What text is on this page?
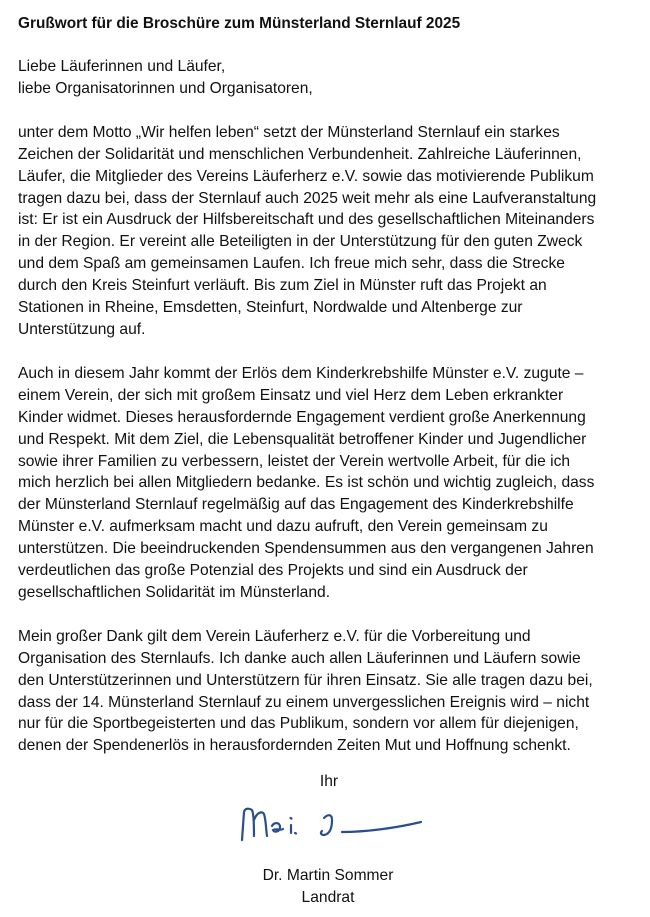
Grußwort für die Broschüre zum Münsterland Sternlauf 2025
Liebe Läuferinnen und Läufer,
liebe Organisatorinnen und Organisatoren,
unter dem Motto „Wir helfen leben“ setzt der Münsterland Sternlauf ein starkes
Zeichen der Solidarität und menschlichen Verbundenheit. Zahlreiche Läuferinnen,
Läufer, die Mitglieder des Vereins Läuferherz e.V. sowie das motivierende Publikum
tragen dazu bei, dass der Sternlauf auch 2025 weit mehr als eine Laufveranstaltung
ist: Er ist ein Ausdruck der Hilfsbereitschaft und des gesellschaftlichen Miteinanders
in der Region. Er vereint alle Beteiligten in der Unterstützung für den guten Zweck
und dem Spaß am gemeinsamen Laufen. Ich freue mich sehr, dass die Strecke
durch den Kreis Steinfurt verläuft. Bis zum Ziel in Münster ruft das Projekt an
Stationen in Rheine, Emsdetten, Steinfurt, Nordwalde und Altenberge zur
Unterstützung auf.
Auch in diesem Jahr kommt der Erlös dem Kinderkrebshilfe Münster e.V. zugute –
einem Verein, der sich mit großem Einsatz und viel Herz dem Leben erkrankter
Kinder widmet. Dieses herausfordernde Engagement verdient große Anerkennung
und Respekt. Mit dem Ziel, die Lebensqualität betroffener Kinder und Jugendlicher
sowie ihrer Familien zu verbessern, leistet der Verein wertvolle Arbeit, für die ich
mich herzlich bei allen Mitgliedern bedanke. Es ist schön und wichtig zugleich, dass
der Münsterland Sternlauf regelmäßig auf das Engagement des Kinderkrebshilfe
Münster e.V. aufmerksam macht und dazu aufruft, den Verein gemeinsam zu
unterstützen. Die beeindruckenden Spendensummen aus den vergangenen Jahren
verdeutlichen das große Potenzial des Projekts und sind ein Ausdruck der
gesellschaftlichen Solidarität im Münsterland.
Mein großer Dank gilt dem Verein Läuferherz e.V. für die Vorbereitung und
Organisation des Sternlaufs. Ich danke auch allen Läuferinnen und Läufern sowie
den Unterstützerinnen und Unterstützern für ihren Einsatz. Sie alle tragen dazu bei,
dass der 14. Münsterland Sternlauf zu einem unvergesslichen Ereignis wird – nicht
nur für die Sportbegeisterten und das Publikum, sondern vor allem für diejenigen,
denen der Spendenerlös in herausfordernden Zeiten Mut und Hoffnung schenkt.
Ihr
Dr. Martin Sommer
Landrat
